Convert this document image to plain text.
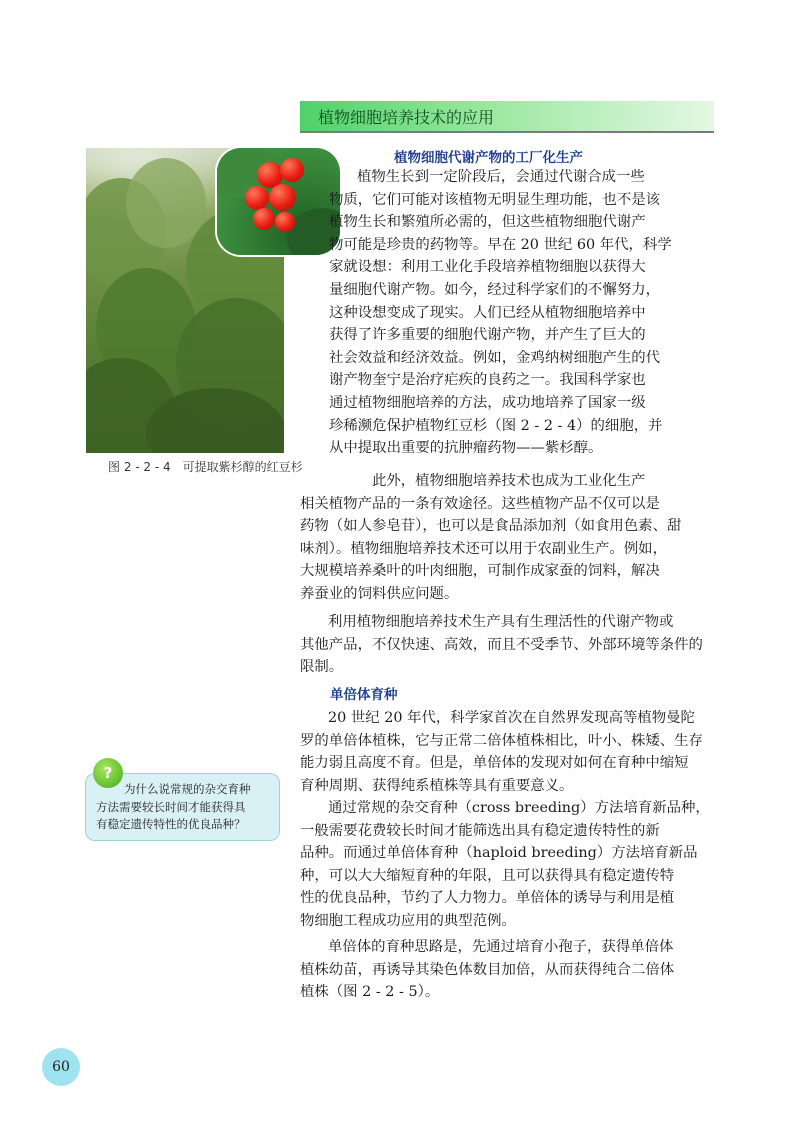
植物细胞培养技术的应用
图 2 - 2 - 4　可提取紫杉醇的红豆杉
植物细胞代谢产物的工厂化生产
植物生长到一定阶段后，会通过代谢合成一些
物质，它们可能对该植物无明显生理功能，也不是该
植物生长和繁殖所必需的，但这些植物细胞代谢产
物可能是珍贵的药物等。早在 20 世纪 60 年代，科学
家就设想：利用工业化手段培养植物细胞以获得大
量细胞代谢产物。如今，经过科学家们的不懈努力，
这种设想变成了现实。人们已经从植物细胞培养中
获得了许多重要的细胞代谢产物，并产生了巨大的
社会效益和经济效益。例如，金鸡纳树细胞产生的代
谢产物奎宁是治疗疟疾的良药之一。我国科学家也
通过植物细胞培养的方法，成功地培养了国家一级
珍稀濒危保护植物红豆杉（图 2 - 2 - 4）的细胞，并
从中提取出重要的抗肿瘤药物——紫杉醇。
此外，植物细胞培养技术也成为工业化生产
相关植物产品的一条有效途径。这些植物产品不仅可以是
药物（如人参皂苷），也可以是食品添加剂（如食用色素、甜
味剂）。植物细胞培养技术还可以用于农副业生产。例如，
大规模培养桑叶的叶肉细胞，可制作成家蚕的饲料，解决
养蚕业的饲料供应问题。
利用植物细胞培养技术生产具有生理活性的代谢产物或
其他产品，不仅快速、高效，而且不受季节、外部环境等条件的
限制。
单倍体育种
20 世纪 20 年代，科学家首次在自然界发现高等植物曼陀
罗的单倍体植株，它与正常二倍体植株相比，叶小、株矮、生存
能力弱且高度不育。但是，单倍体的发现对如何在育种中缩短
育种周期、获得纯系植株等具有重要意义。
通过常规的杂交育种（cross breeding）方法培育新品种，
一般需要花费较长时间才能筛选出具有稳定遗传特性的新
品种。而通过单倍体育种（haploid breeding）方法培育新品
种，可以大大缩短育种的年限，且可以获得具有稳定遗传特
性的优良品种，节约了人力物力。单倍体的诱导与利用是植
物细胞工程成功应用的典型范例。
单倍体的育种思路是，先通过培育小孢子，获得单倍体
植株幼苗，再诱导其染色体数目加倍，从而获得纯合二倍体
植株（图 2 - 2 - 5）。
?
为什么说常规的杂交育种
方法需要较长时间才能获得具
有稳定遗传特性的优良品种？
60
